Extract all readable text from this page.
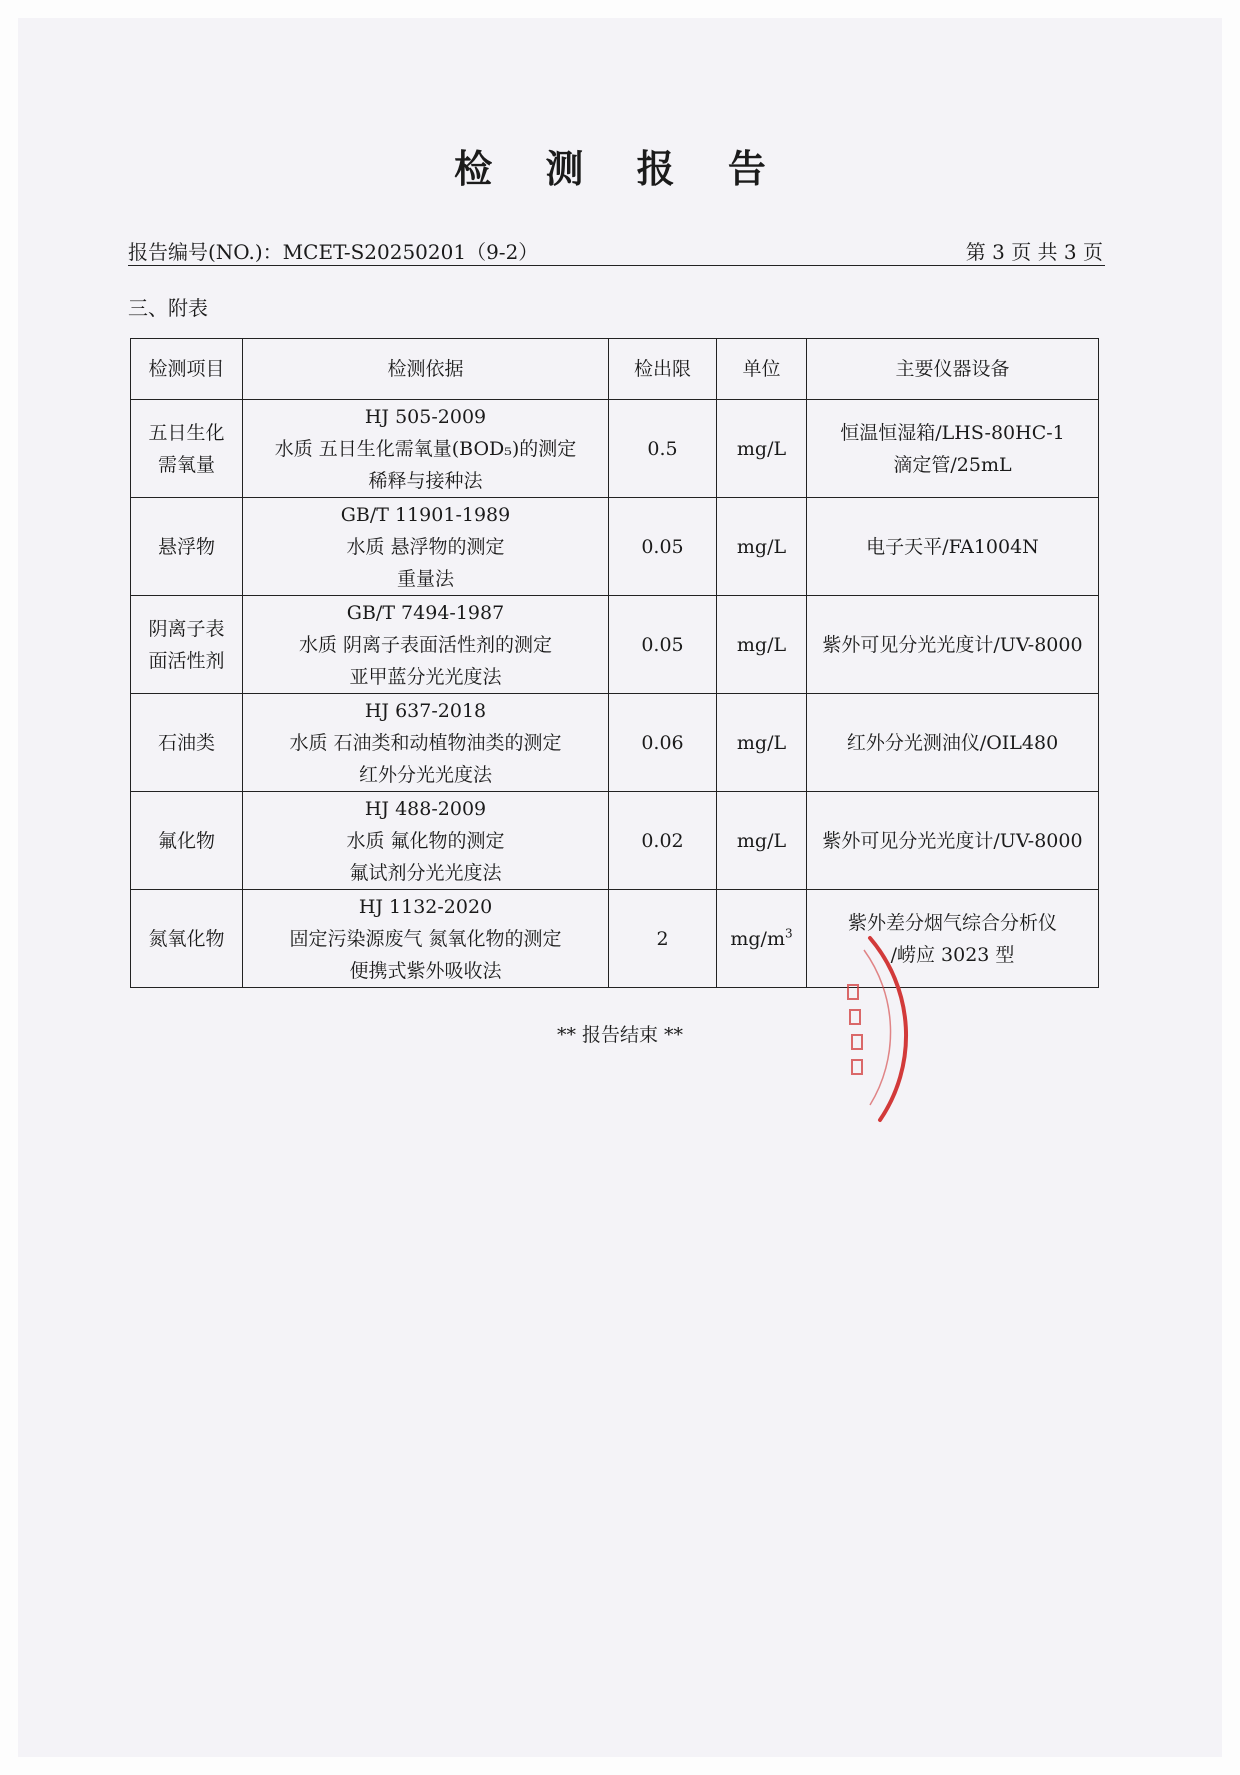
检 测 报 告
报告编号(NO.)：MCET-S20250201（9-2）	第 3 页 共 3 页
三、附表
检测项目	检测依据	检出限	单位	主要仪器设备
五日生化需氧量	HJ 505-2009
水质 五日生化需氧量(BOD₅)的测定
稀释与接种法	0.5	mg/L	恒温恒湿箱/LHS-80HC-1
滴定管/25mL

悬浮物	GB/T 11901-1989
水质 悬浮物的测定
重量法	0.05	mg/L	电子天平/FA1004N

阴离子表面活性剂	GB/T 7494-1987
水质 阴离子表面活性剂的测定
亚甲蓝分光光度法	0.05	mg/L	紫外可见分光光度计/UV-8000

石油类	HJ 637-2018
水质 石油类和动植物油类的测定
红外分光光度法	0.06	mg/L	红外分光测油仪/OIL480

氟化物	HJ 488-2009
水质 氟化物的测定
氟试剂分光光度法	0.02	mg/L	紫外可见分光光度计/UV-8000

氮氧化物	HJ 1132-2020
固定污染源废气 氮氧化物的测定
便携式紫外吸收法	2	$mg/m^3$	紫外差分烟气综合分析仪
/崂应 3023 型
** 报告结束 **
